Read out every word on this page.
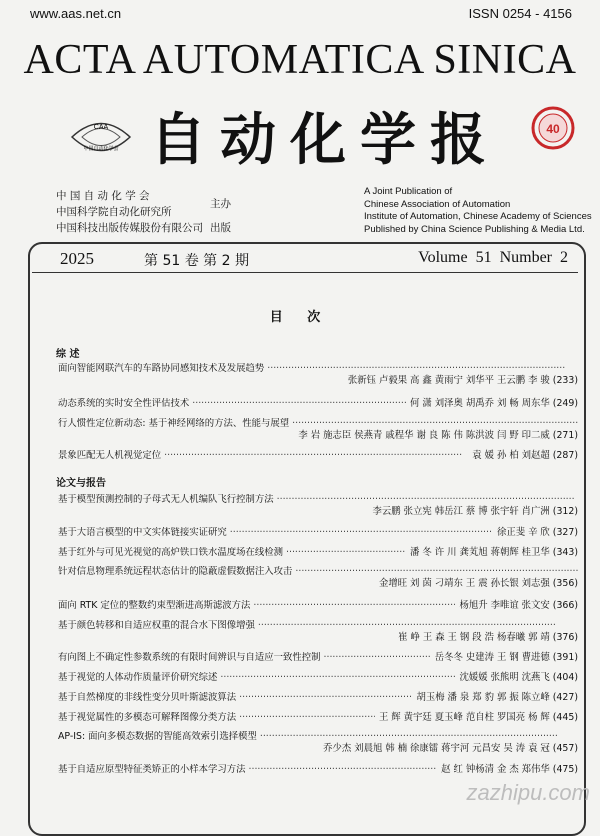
www.aas.net.cn	ISSN 0254 - 4156
ACTA AUTOMATICA SINICA
CAA
中国自动化学会 自动化学报	40
中 国 自 动 化 学 会
中国科学院自动化研究所
中国科技出版传媒股份有限公司
主办
出版
A Joint Publication of
Chinese Association of Automation
Institute of Automation, Chinese Academy of Sciences
Published by China Science Publishing & Media Ltd.
2025	第 51 卷 第 2 期	Volume 51 Number 2
目 次
综 述
面向智能网联汽车的车路协同感知技术及发展趋势 ·····
张新钰 卢毅果 高 鑫 黄雨宁 刘华平 王云鹏 李 骏 (233)
动态系统的实时安全性评估技术 ·····	何 潇 刘泽奥 胡禹乔 刘 畅 周东华 (249)
行人惯性定位新动态: 基于神经网络的方法、性能与展望 ·····
李 岩 施志臣 侯燕青 戚程华 谢 良 陈 伟 陈洪波 闫 野 印二威 (271)
景象匹配无人机视觉定位 ·····	袁 媛 孙 柏 刘赵超 (287)
论文与报告
基于模型预测控制的子母式无人机编队飞行控制方法 ·····
李云鹏 张立宪 韩岳江 蔡 博 张宇轩 肖广洲 (312)
基于大语言模型的中文实体链接实证研究 ·····	徐正斐 辛 欣 (327)
基于红外与可见光视觉的高炉铁口铁水温度场在线检测 ·····	潘 冬 许 川 龚芄旭 蒋朝辉 桂卫华 (343)
针对信息物理系统远程状态估计的隐蔽虚假数据注入攻击 ·····
金增旺 刘 茵 刁靖东 王 震 孙长银 刘志强 (356)
面向 RTK 定位的整数约束型渐进高斯滤波方法 ·····	杨旭升 李唯谊 张文安 (366)
基于颜色转移和自适应权重的混合水下图像增强 ·····
崔 峥 王 森 王 钢 段 浩 杨春曦 郭 靖 (376)
有向图上不确定性参数系统的有限时间辨识与自适应一致性控制 ·····	岳冬冬 史建涛 王 钢 曹进德 (391)
基于视觉的人体动作质量评价研究综述 ·····	沈媛媛 张熊明 沈燕飞 (404)
基于自然梯度的非线性变分贝叶斯滤波算法 ·····	胡玉梅 潘 泉 郑 豹 郭 振 陈立峰 (427)
基于视觉属性的多模态可解释图像分类方法 ·····	王 辉 黄宇廷 夏玉峰 范自柱 罗国亮 杨 辉 (445)
AP-IS: 面向多模态数据的智能高效索引选择模型 ·····
乔少杰 刘晨旭 韩 楠 徐康镭 蒋宇河 元昌安 吴 涛 袁 冠 (457)
基于自适应原型特征类矫正的小样本学习方法 ·····	赵 红 钟杨清 金 杰 郑伟华 (475)
zazhipu.com
